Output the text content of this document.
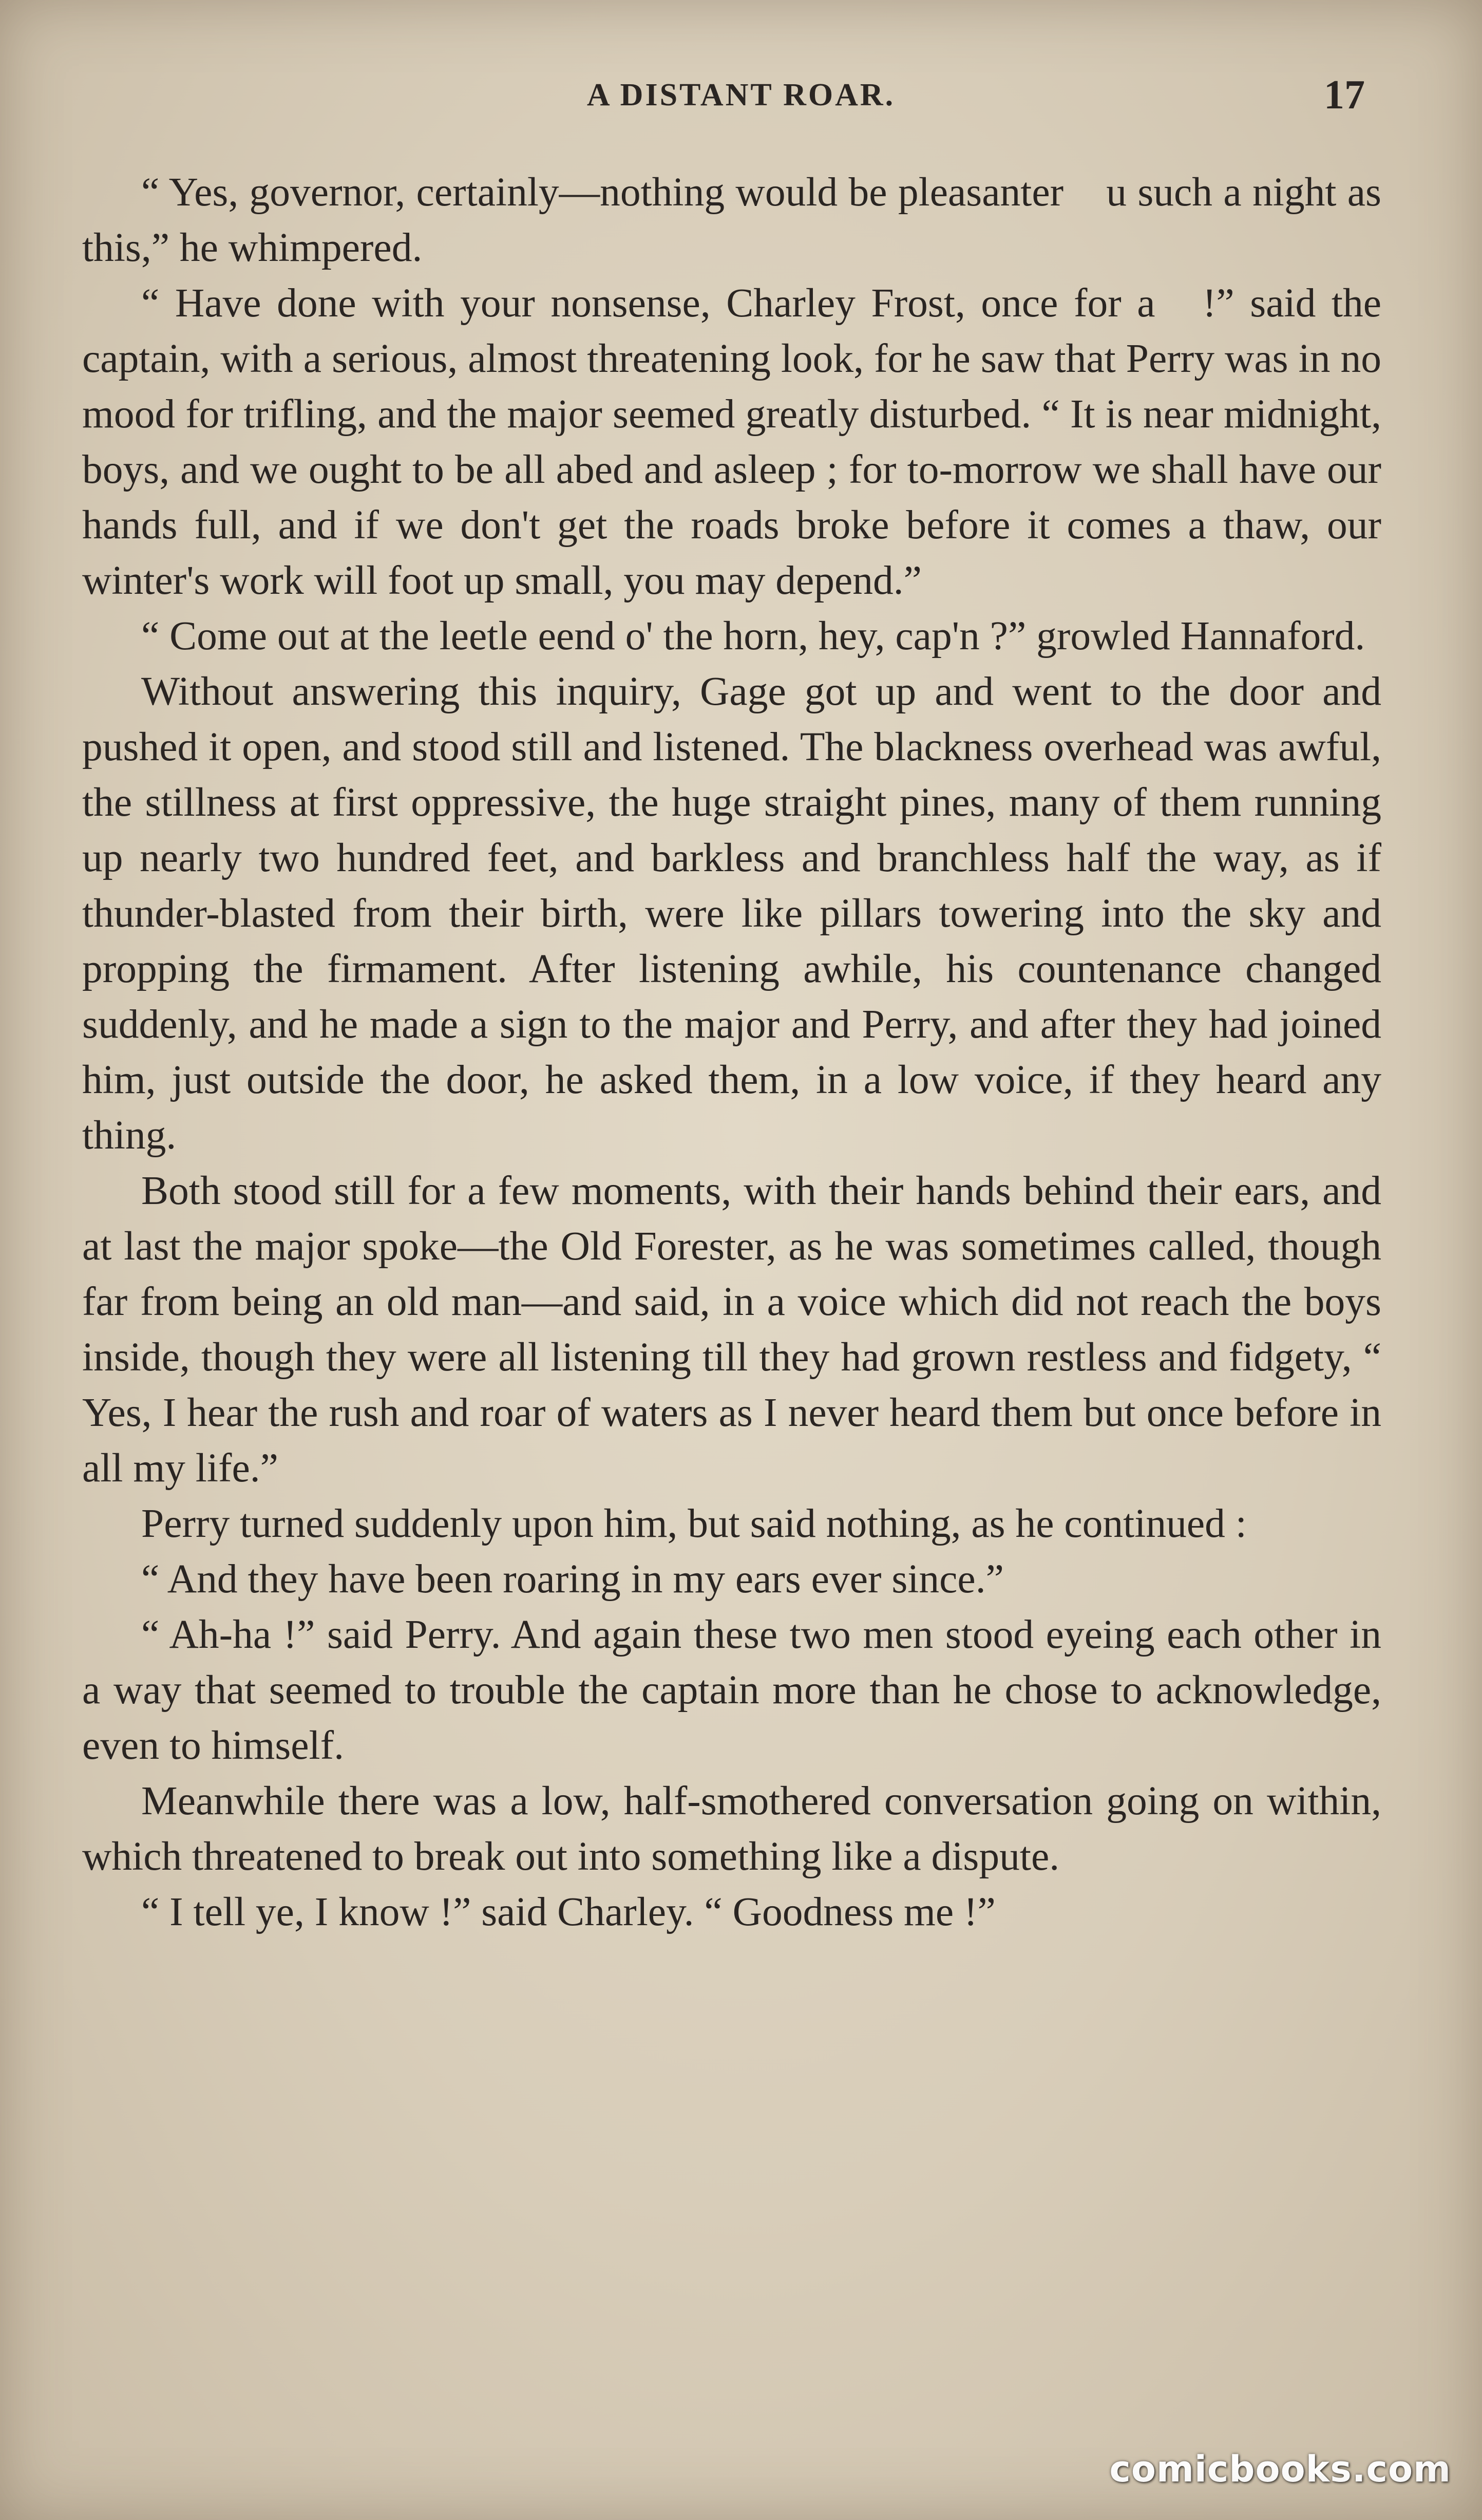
A DISTANT ROAR.	17

“ Yes, governor, certainly—nothing would be pleasanter  u such a night as this,” he whimpered.

“ Have done with your nonsense, Charley Frost, once for a  !” said the captain, with a serious, almost threatening look, for he saw that Perry was in no mood for trifling, and the major seemed greatly disturbed. “ It is near midnight, boys, and we ought to be all abed and asleep ; for to-morrow we shall have our hands full, and if we don't get the roads broke before it comes a thaw, our winter's work will foot up small, you may depend.”

“ Come out at the leetle eend o' the horn, hey, cap'n ?” growled Hannaford.

Without answering this inquiry, Gage got up and went to the door and pushed it open, and stood still and listened. The blackness overhead was awful, the stillness at first oppressive, the huge straight pines, many of them running up nearly two hundred feet, and barkless and branchless half the way, as if thunder-blasted from their birth, were like pillars towering into the sky and propping the firmament. After listening awhile, his countenance changed suddenly, and he made a sign to the major and Perry, and after they had joined him, just outside the door, he asked them, in a low voice, if they heard any thing.

Both stood still for a few moments, with their hands behind their ears, and at last the major spoke—the Old Forester, as he was sometimes called, though far from being an old man—and said, in a voice which did not reach the boys inside, though they were all listening till they had grown restless and fidgety, “ Yes, I hear the rush and roar of waters as I never heard them but once before in all my life.”

Perry turned suddenly upon him, but said nothing, as he continued :

“ And they have been roaring in my ears ever since.”

“ Ah-ha !” said Perry. And again these two men stood eyeing each other in a way that seemed to trouble the captain more than he chose to acknowledge, even to himself.

Meanwhile there was a low, half-smothered conversation going on within, which threatened to break out into something like a dispute.

“ I tell ye, I know !” said Charley. “ Goodness me !”

comicbooks.com
